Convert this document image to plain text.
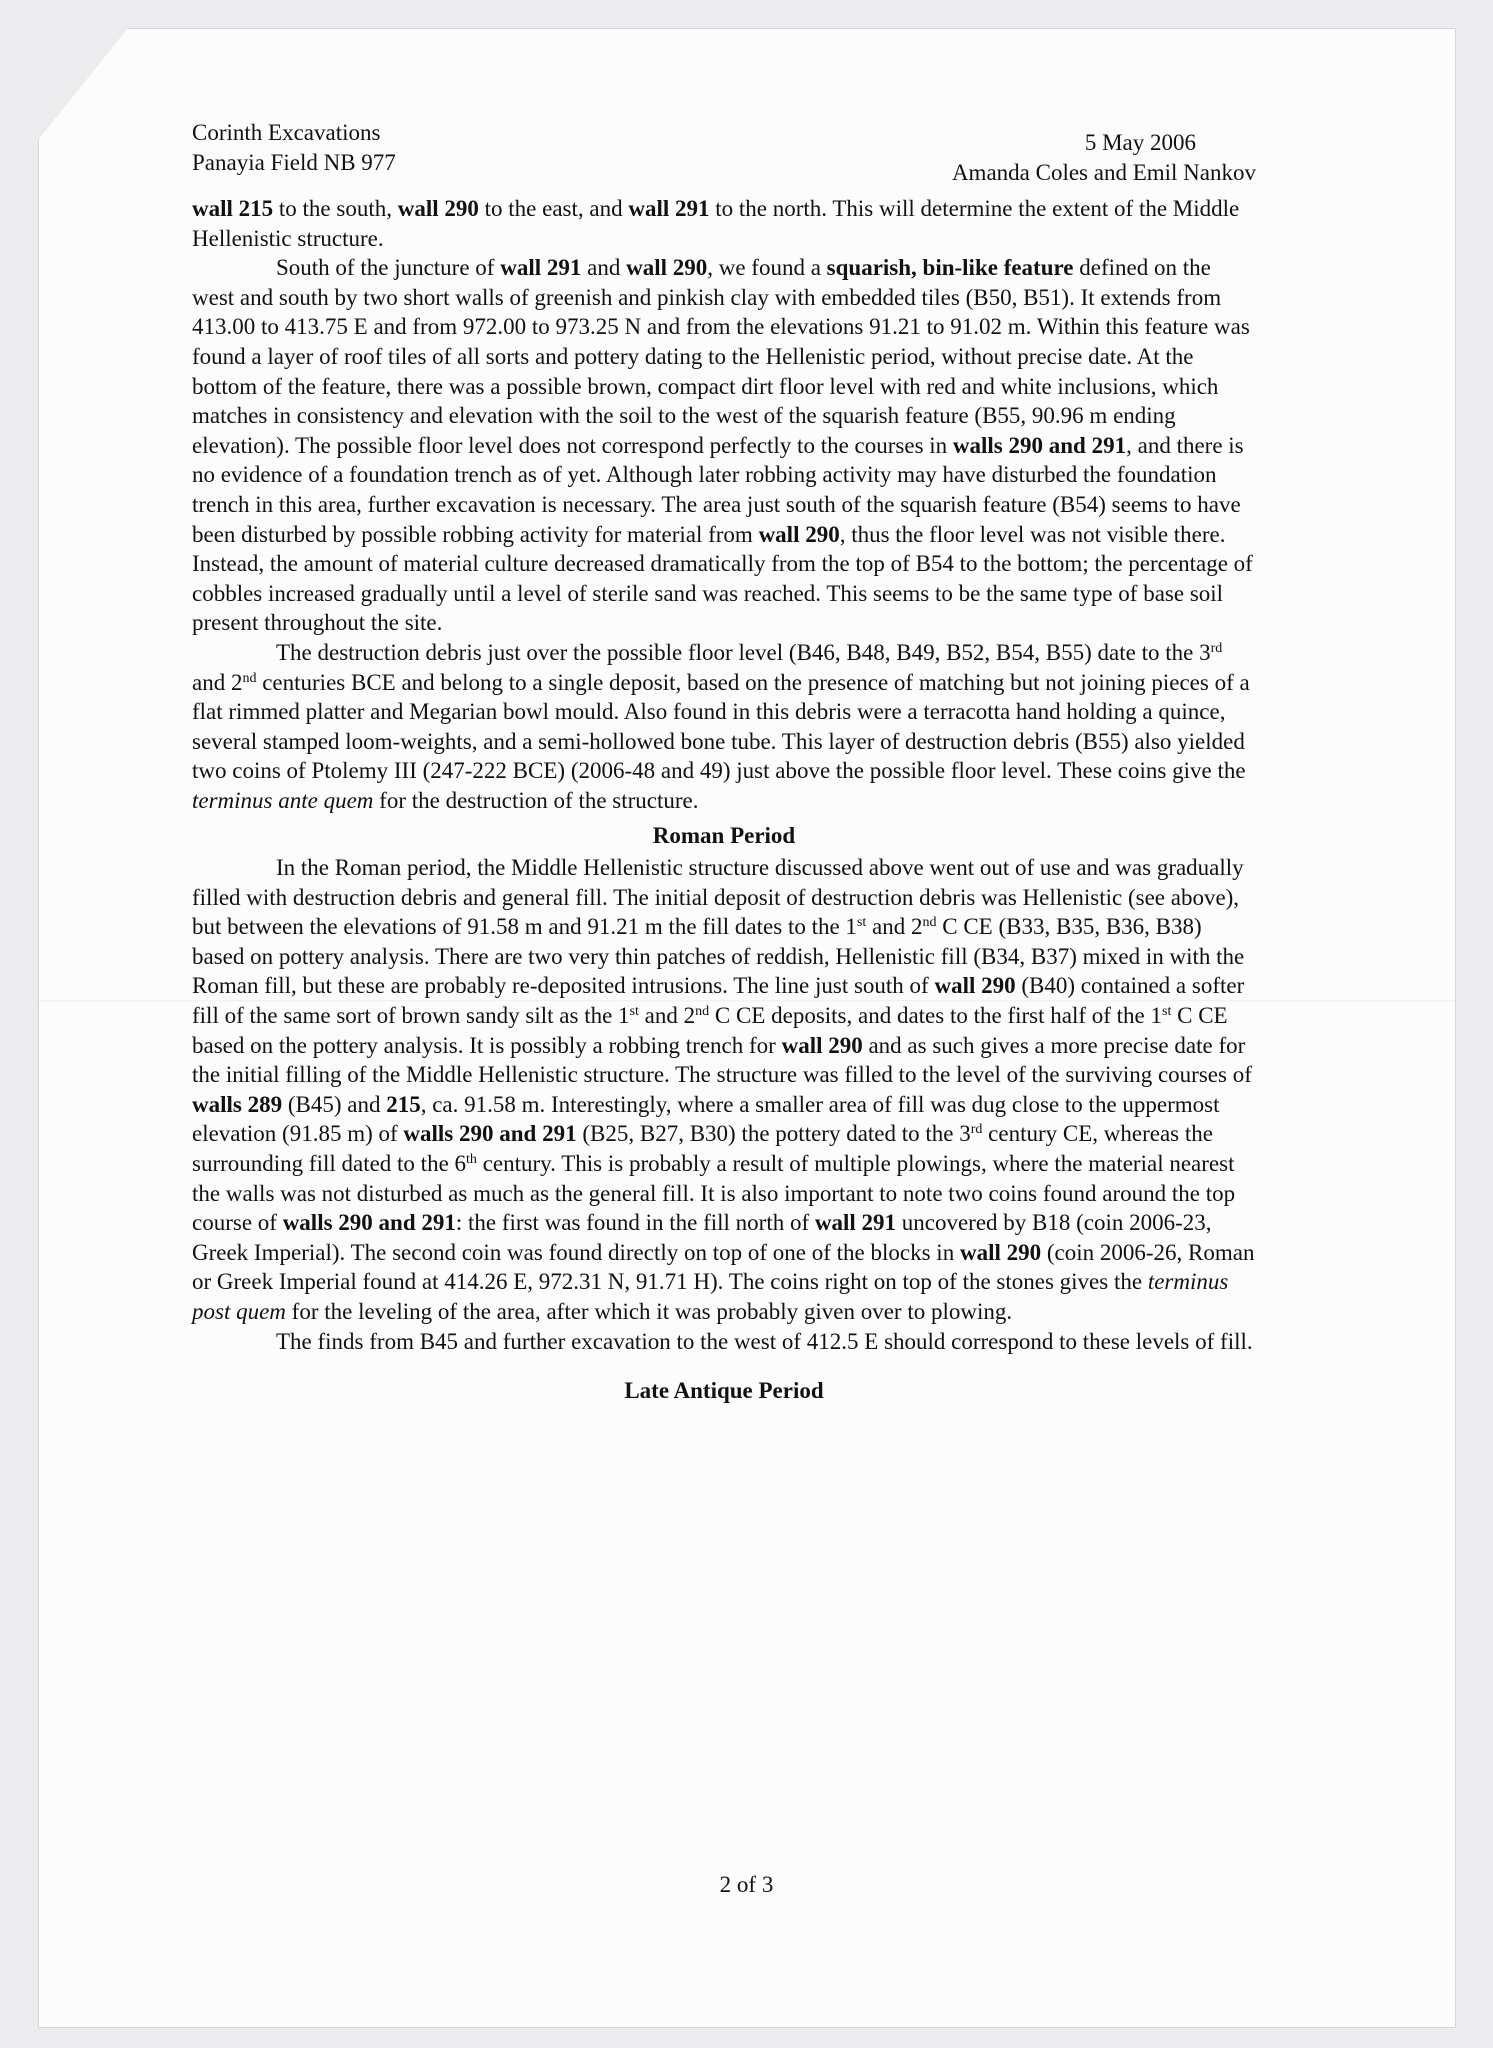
Corinth Excavations
Panayia Field NB 977
5 May 2006
Amanda Coles and Emil Nankov

wall 215 to the south, wall 290 to the east, and wall 291 to the north. This will determine the extent of the Middle Hellenistic structure.

South of the juncture of wall 291 and wall 290, we found a squarish, bin-like feature defined on the west and south by two short walls of greenish and pinkish clay with embedded tiles (B50, B51). It extends from 413.00 to 413.75 E and from 972.00 to 973.25 N and from the elevations 91.21 to 91.02 m. Within this feature was found a layer of roof tiles of all sorts and pottery dating to the Hellenistic period, without precise date. At the bottom of the feature, there was a possible brown, compact dirt floor level with red and white inclusions, which matches in consistency and elevation with the soil to the west of the squarish feature (B55, 90.96 m ending elevation). The possible floor level does not correspond perfectly to the courses in walls 290 and 291, and there is no evidence of a foundation trench as of yet. Although later robbing activity may have disturbed the foundation trench in this area, further excavation is necessary. The area just south of the squarish feature (B54) seems to have been disturbed by possible robbing activity for material from wall 290, thus the floor level was not visible there. Instead, the amount of material culture decreased dramatically from the top of B54 to the bottom; the percentage of cobbles increased gradually until a level of sterile sand was reached. This seems to be the same type of base soil present throughout the site.

The destruction debris just over the possible floor level (B46, B48, B49, B52, B54, B55) date to the 3rd and 2nd centuries BCE and belong to a single deposit, based on the presence of matching but not joining pieces of a flat rimmed platter and Megarian bowl mould. Also found in this debris were a terracotta hand holding a quince, several stamped loom-weights, and a semi-hollowed bone tube. This layer of destruction debris (B55) also yielded two coins of Ptolemy III (247-222 BCE) (2006-48 and 49) just above the possible floor level. These coins give the terminus ante quem for the destruction of the structure.

Roman Period

In the Roman period, the Middle Hellenistic structure discussed above went out of use and was gradually filled with destruction debris and general fill. The initial deposit of destruction debris was Hellenistic (see above), but between the elevations of 91.58 m and 91.21 m the fill dates to the 1st and 2nd C CE (B33, B35, B36, B38) based on pottery analysis. There are two very thin patches of reddish, Hellenistic fill (B34, B37) mixed in with the Roman fill, but these are probably re-deposited intrusions. The line just south of wall 290 (B40) contained a softer fill of the same sort of brown sandy silt as the 1st and 2nd C CE deposits, and dates to the first half of the 1st C CE based on the pottery analysis. It is possibly a robbing trench for wall 290 and as such gives a more precise date for the initial filling of the Middle Hellenistic structure. The structure was filled to the level of the surviving courses of walls 289 (B45) and 215, ca. 91.58 m. Interestingly, where a smaller area of fill was dug close to the uppermost elevation (91.85 m) of walls 290 and 291 (B25, B27, B30) the pottery dated to the 3rd century CE, whereas the surrounding fill dated to the 6th century. This is probably a result of multiple plowings, where the material nearest the walls was not disturbed as much as the general fill. It is also important to note two coins found around the top course of walls 290 and 291: the first was found in the fill north of wall 291 uncovered by B18 (coin 2006-23, Greek Imperial). The second coin was found directly on top of one of the blocks in wall 290 (coin 2006-26, Roman or Greek Imperial found at 414.26 E, 972.31 N, 91.71 H). The coins right on top of the stones gives the terminus post quem for the leveling of the area, after which it was probably given over to plowing.

The finds from B45 and further excavation to the west of 412.5 E should correspond to these levels of fill.

Late Antique Period
2 of 3
